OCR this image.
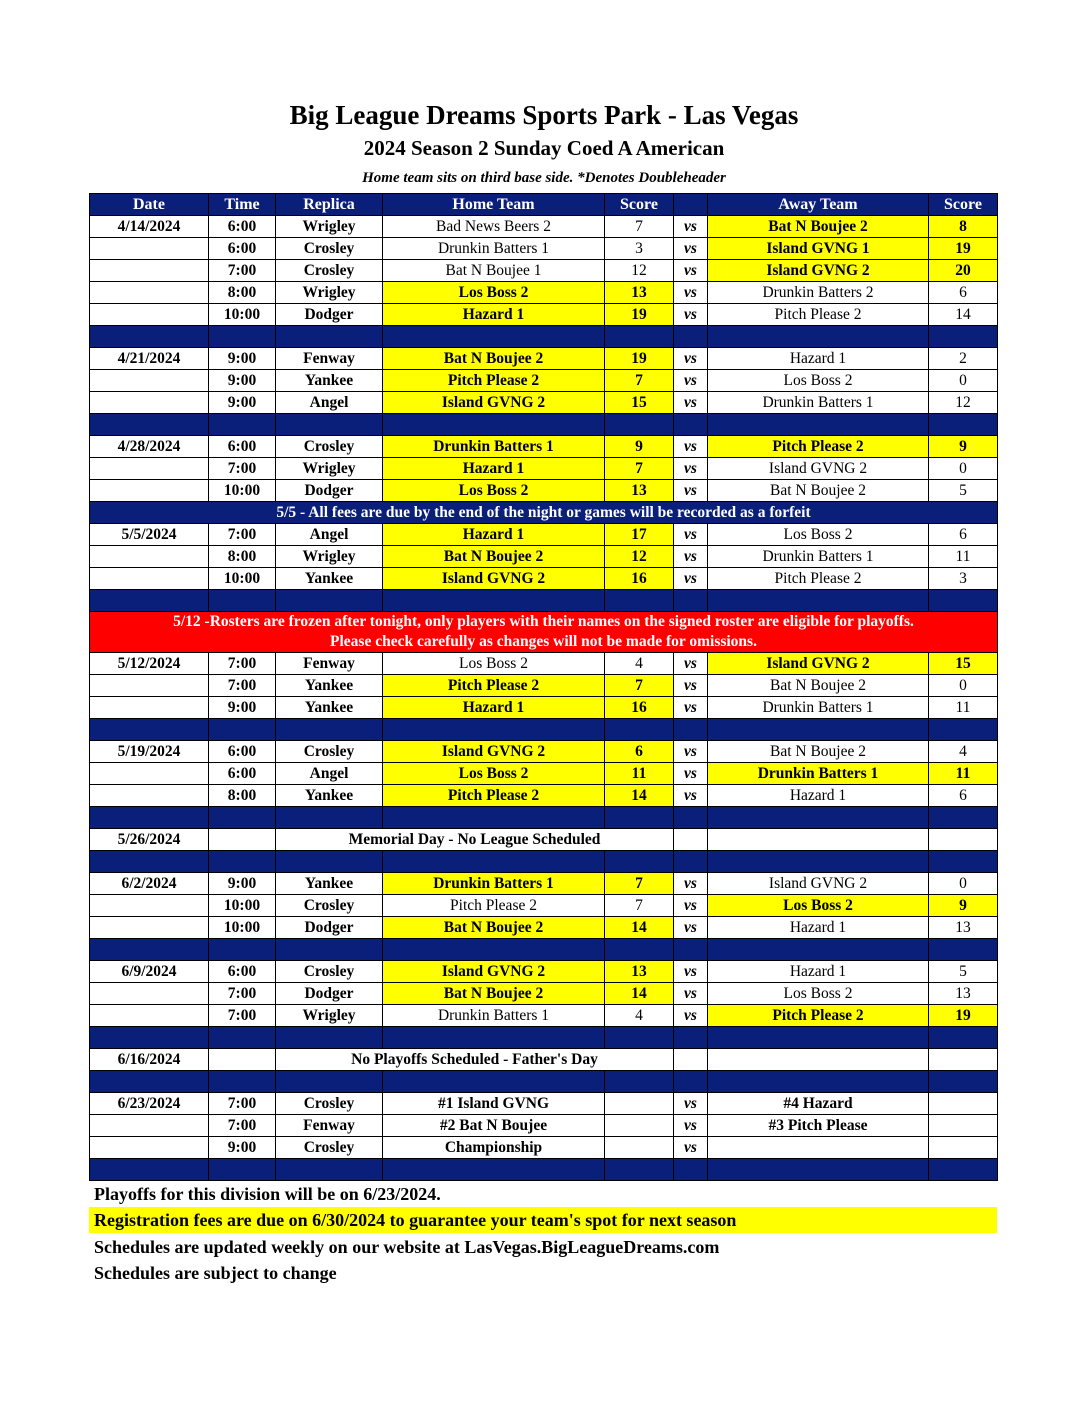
Big League Dreams Sports Park - Las Vegas
2024 Season 2 Sunday Coed A American
Home team sits on third base side. *Denotes Doubleheader
Date	Time	Replica	Home Team	Score		Away Team	Score
4/14/2024	6:00	Wrigley	Bad News Beers 2	7	vs	Bat N Boujee 2	8
	6:00	Crosley	Drunkin Batters 1	3	vs	Island GVNG 1	19
	7:00	Crosley	Bat N Boujee 1	12	vs	Island GVNG 2	20
	8:00	Wrigley	Los Boss 2	13	vs	Drunkin Batters 2	6
	10:00	Dodger	Hazard 1	19	vs	Pitch Please 2	14

4/21/2024	9:00	Fenway	Bat N Boujee 2	19	vs	Hazard 1	2
	9:00	Yankee	Pitch Please 2	7	vs	Los Boss 2	0
	9:00	Angel	Island GVNG 2	15	vs	Drunkin Batters 1	12

4/28/2024	6:00	Crosley	Drunkin Batters 1	9	vs	Pitch Please 2	9
	7:00	Wrigley	Hazard 1	7	vs	Island GVNG 2	0
	10:00	Dodger	Los Boss 2	13	vs	Bat N Boujee 2	5
5/5 - All fees are due by the end of the night or games will be recorded as a forfeit							
5/5/2024	7:00	Angel	Hazard 1	17	vs	Los Boss 2	6
	8:00	Wrigley	Bat N Boujee 2	12	vs	Drunkin Batters 1	11
	10:00	Yankee	Island GVNG 2	16	vs	Pitch Please 2	3

5/12 -Rosters are frozen after tonight, only players with their names on the signed roster are eligible for playoffs.
Please check carefully as changes will not be made for omissions.							

5/12/2024	7:00	Fenway	Los Boss 2	4	vs	Island GVNG 2	15
	7:00	Yankee	Pitch Please 2	7	vs	Bat N Boujee 2	0
	9:00	Yankee	Hazard 1	16	vs	Drunkin Batters 1	11

5/19/2024	6:00	Crosley	Island GVNG 2	6	vs	Bat N Boujee 2	4
	6:00	Angel	Los Boss 2	11	vs	Drunkin Batters 1	11
	8:00	Yankee	Pitch Please 2	14	vs	Hazard 1	6

5/26/2024		Memorial Day - No League Scheduled					

6/2/2024	9:00	Yankee	Drunkin Batters 1	7	vs	Island GVNG 2	0
	10:00	Crosley	Pitch Please 2	7	vs	Los Boss 2	9
	10:00	Dodger	Bat N Boujee 2	14	vs	Hazard 1	13

6/9/2024	6:00	Crosley	Island GVNG 2	13	vs	Hazard 1	5
	7:00	Dodger	Bat N Boujee 2	14	vs	Los Boss 2	13
	7:00	Wrigley	Drunkin Batters 1	4	vs	Pitch Please 2	19

6/16/2024		No Playoffs Scheduled - Father's Day					

6/23/2024	7:00	Crosley	#1 Island GVNG		vs	#4 Hazard	
	7:00	Fenway	#2 Bat N Boujee		vs	#3 Pitch Please	
	9:00	Crosley	Championship		vs		

Playoffs for this division will be on 6/23/2024.
Registration fees are due on 6/30/2024 to guarantee your team's spot for next season
Schedules are updated weekly on our website at LasVegas.BigLeagueDreams.com
Schedules are subject to change
